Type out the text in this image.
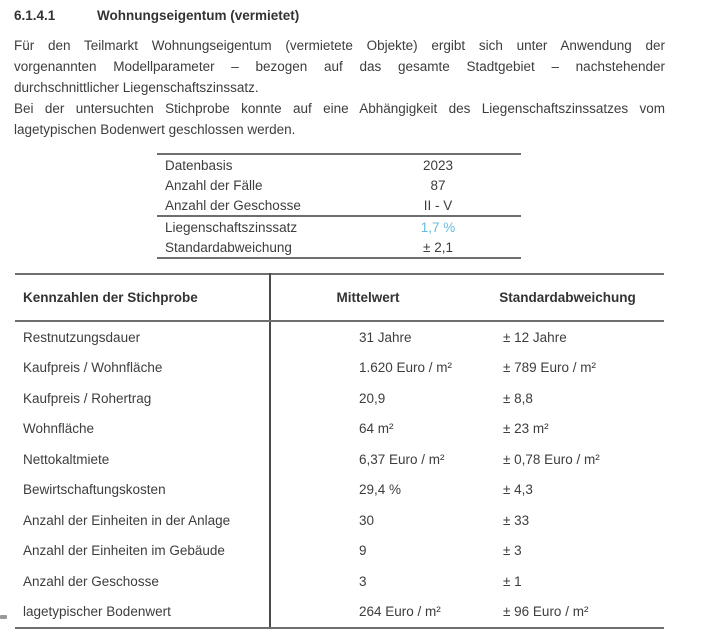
6.1.4.1	Wohnungseigentum (vermietet)
Für den Teilmarkt Wohnungseigentum (vermietete Objekte) ergibt sich unter Anwendung der
vorgenannten Modellparameter – bezogen auf das gesamte Stadtgebiet – nachstehender
durchschnittlicher Liegenschaftszinssatz.
Bei der untersuchten Stichprobe konnte auf eine Abhängigkeit des Liegenschaftszinssatzes vom
lagetypischen Bodenwert geschlossen werden.
Datenbasis	2023
Anzahl der Fälle	87
Anzahl der Geschosse	II - V
Liegenschaftszinssatz	1,7 %
Standardabweichung	± 2,1
Kennzahlen der Stichprobe	Mittelwert	Standardabweichung
Restnutzungsdauer	31 Jahre	± 12 Jahre
Kaufpreis / Wohnfläche	1.620 Euro / m²	± 789 Euro / m²
Kaufpreis / Rohertrag	20,9	± 8,8
Wohnfläche	64 m²	± 23 m²
Nettokaltmiete	6,37 Euro / m²	± 0,78 Euro / m²
Bewirtschaftungskosten	29,4 %	± 4,3
Anzahl der Einheiten in der Anlage	30	± 33
Anzahl der Einheiten im Gebäude	9	± 3
Anzahl der Geschosse	3	± 1
lagetypischer Bodenwert	264 Euro / m²	± 96 Euro / m²
